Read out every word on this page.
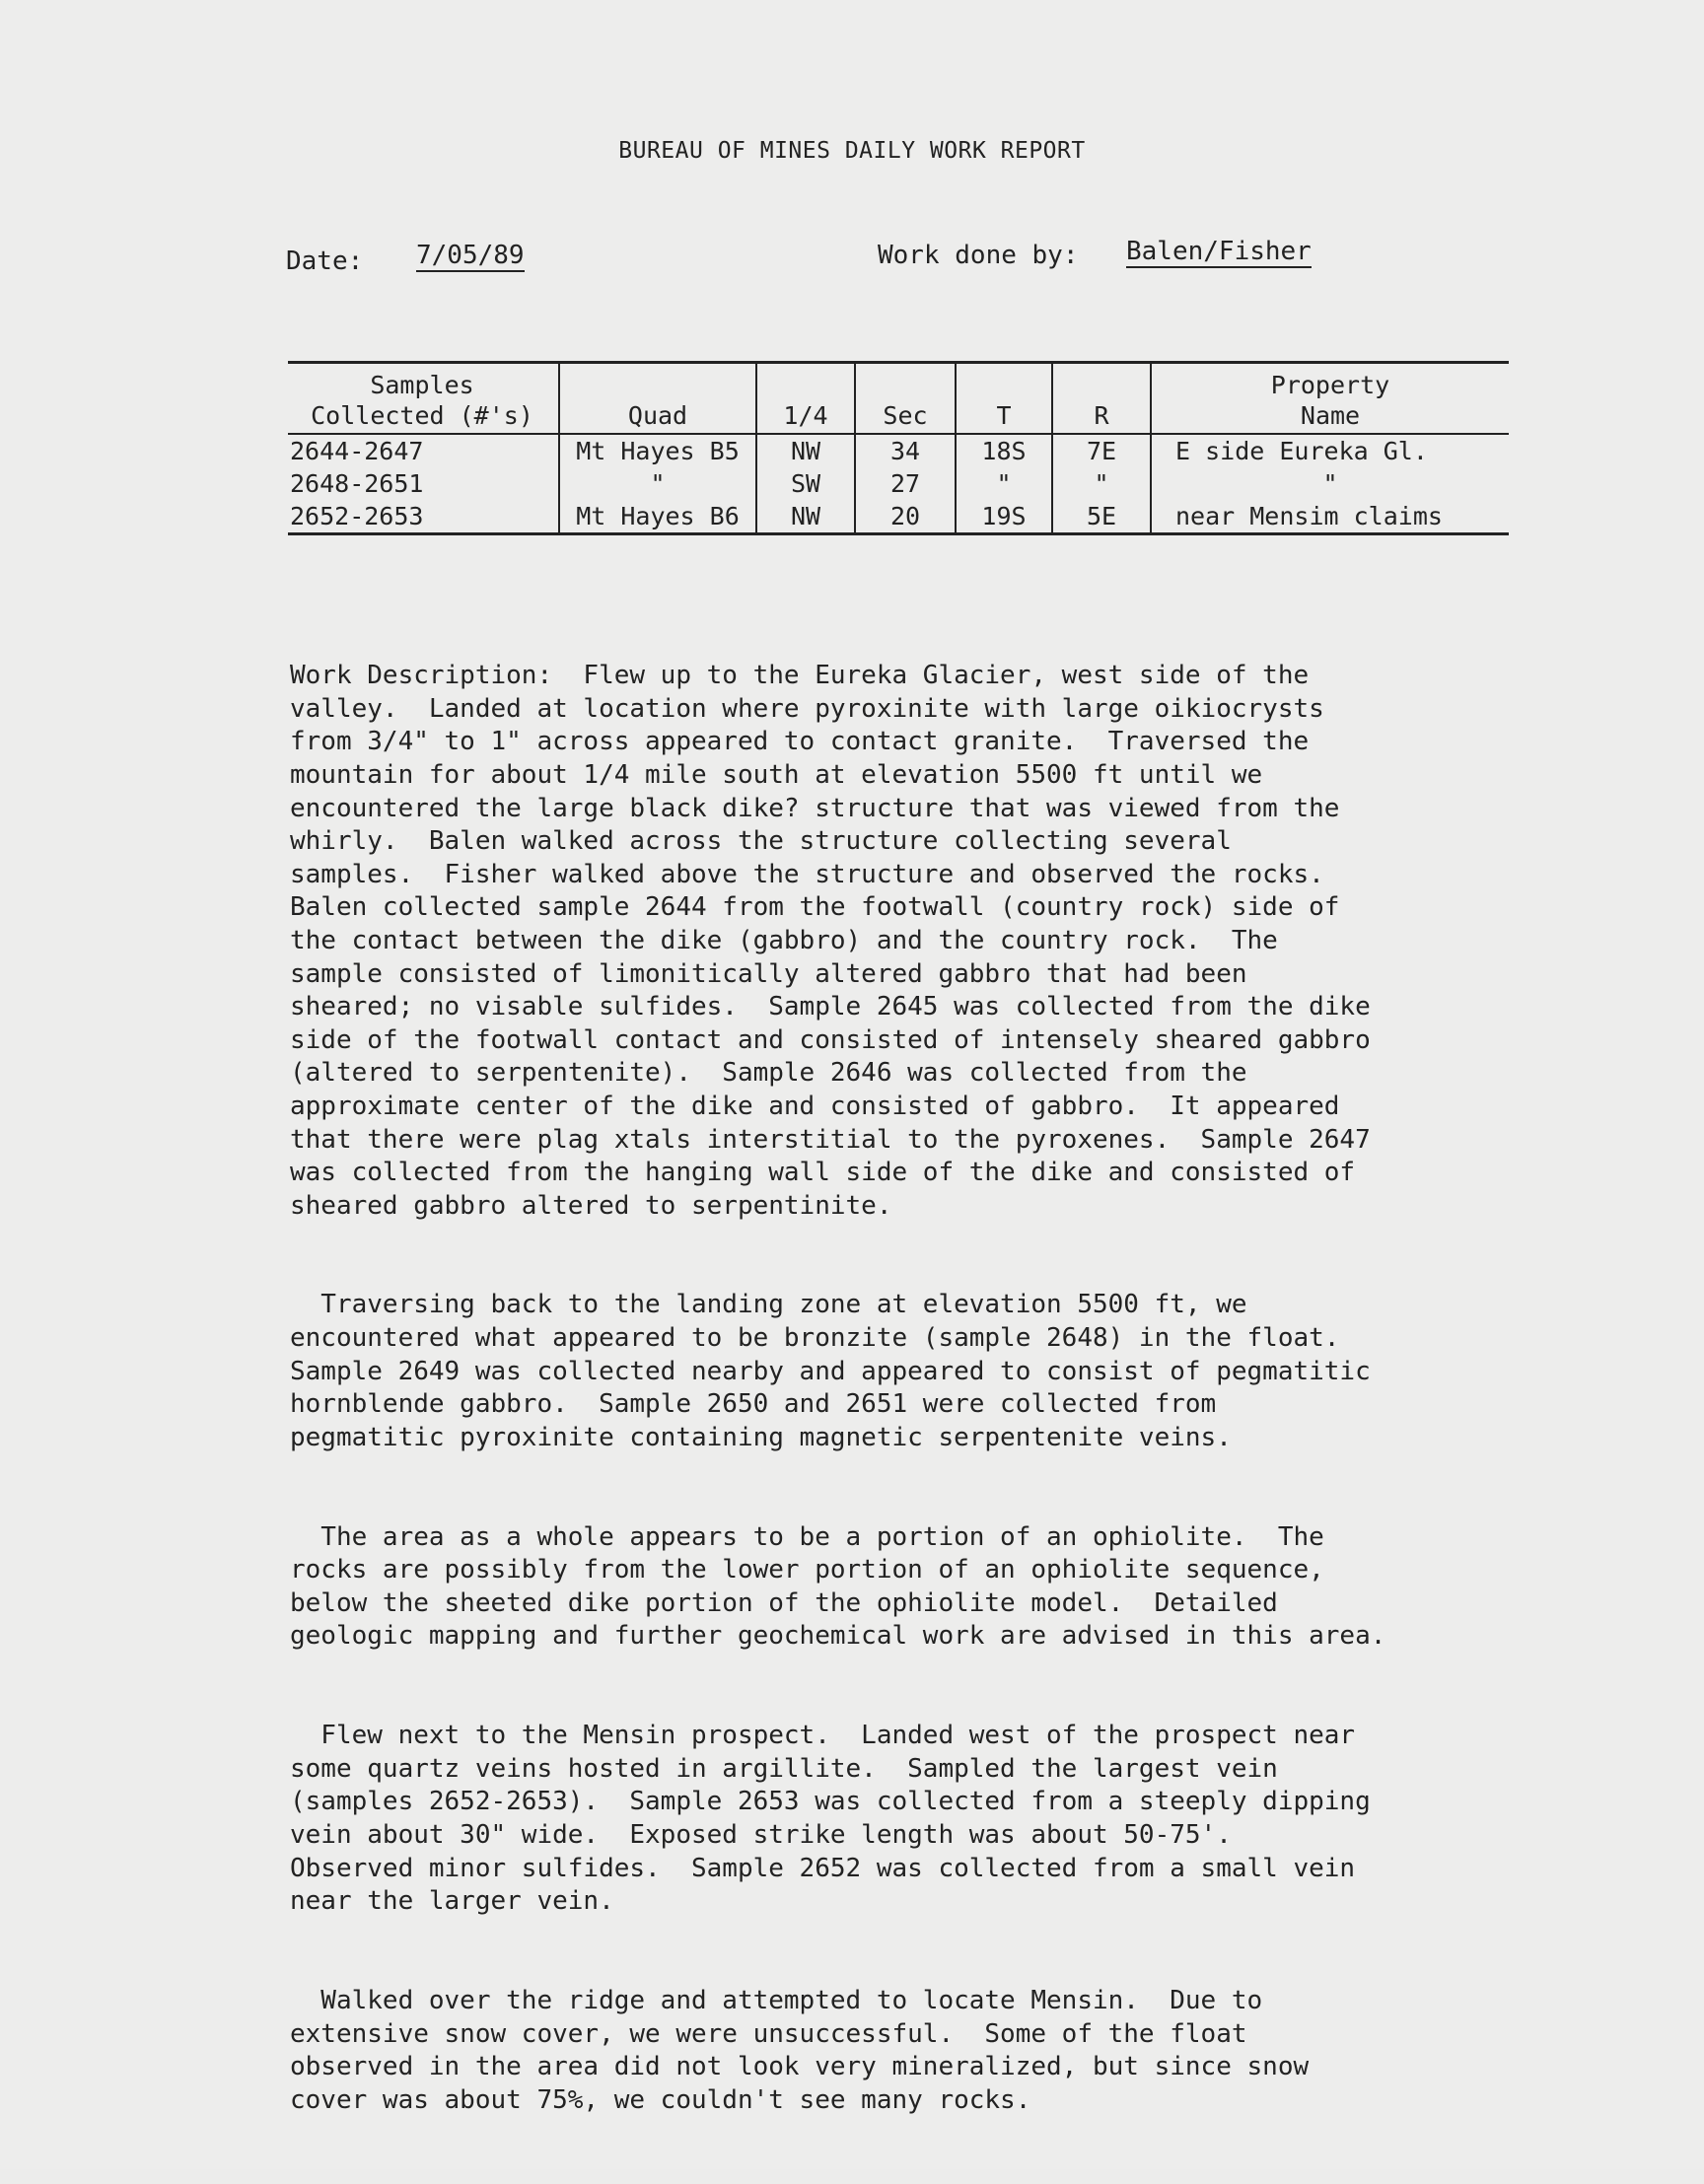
BUREAU OF MINES DAILY WORK REPORT
Date: 7/05/89	Work done by: Balen/Fisher
Samples
Collected (#'s)	Quad	1/4	Sec	T	R	Property
Name
2644-2647	Mt Hayes B5	NW	34	18S	7E	E side Eureka Gl.
2648-2651	"	SW	27	"	"	"
2652-2653	Mt Hayes B6	NW	20	19S	5E	near Mensim claims

Work Description:  Flew up to the Eureka Glacier, west side of the
valley.  Landed at location where pyroxinite with large oikiocrysts
from 3/4" to 1" across appeared to contact granite.  Traversed the
mountain for about 1/4 mile south at elevation 5500 ft until we
encountered the large black dike? structure that was viewed from the
whirly.  Balen walked across the structure collecting several
samples.  Fisher walked above the structure and observed the rocks.
Balen collected sample 2644 from the footwall (country rock) side of
the contact between the dike (gabbro) and the country rock.  The
sample consisted of limonitically altered gabbro that had been
sheared; no visable sulfides.  Sample 2645 was collected from the dike
side of the footwall contact and consisted of intensely sheared gabbro
(altered to serpentenite).  Sample 2646 was collected from the
approximate center of the dike and consisted of gabbro.  It appeared
that there were plag xtals interstitial to the pyroxenes.  Sample 2647
was collected from the hanging wall side of the dike and consisted of
sheared gabbro altered to serpentinite.

Traversing back to the landing zone at elevation 5500 ft, we
encountered what appeared to be bronzite (sample 2648) in the float.
Sample 2649 was collected nearby and appeared to consist of pegmatitic
hornblende gabbro.  Sample 2650 and 2651 were collected from
pegmatitic pyroxinite containing magnetic serpentenite veins.

The area as a whole appears to be a portion of an ophiolite.  The
rocks are possibly from the lower portion of an ophiolite sequence,
below the sheeted dike portion of the ophiolite model.  Detailed
geologic mapping and further geochemical work are advised in this area.

Flew next to the Mensin prospect.  Landed west of the prospect near
some quartz veins hosted in argillite.  Sampled the largest vein
(samples 2652-2653).  Sample 2653 was collected from a steeply dipping
vein about 30" wide.  Exposed strike length was about 50-75'.
Observed minor sulfides.  Sample 2652 was collected from a small vein
near the larger vein.

Walked over the ridge and attempted to locate Mensin.  Due to
extensive snow cover, we were unsuccessful.  Some of the float
observed in the area did not look very mineralized, but since snow
cover was about 75%, we couldn't see many rocks.
